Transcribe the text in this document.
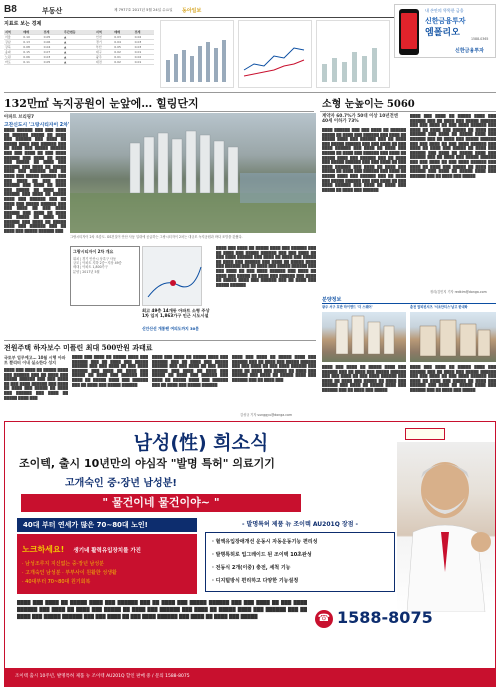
B8	부동산	제 7977호 2017년 5월 24일 수요일 동아일보	내 손안의 똑똑한 금융
신한금융투자
엠폴리오
1588-0365
신한금융투자
지표로 보는 경제
지역	매매	전세	주간변동	지역	매매	전세
서울	0.10	0.05	▲	인천	0.03	0.02
강남	0.13	0.06	▲	경기	0.04	0.03
강북	0.08	0.04	▲	부산	0.05	0.03
송파	0.15	0.07	▲	대구	0.02	0.01
노원	0.06	0.03	▲	광주	0.01	0.02
마포	0.11	0.05	▲	대전	0.02	0.01
132만㎡ 녹지공원이 눈앞에… 힐링단지	소형 눈높이는 5060
아파트 브리핑7
고잔신도시 '그랑시티자이 2차'
████ ██████ ███ ███ ████ ██ ██████ █████ ██ ████ ███ ██████ ███ ████ ██ █████ ████ ███ ██████ ███ ██ ████ ███ █████ ██████ ███ ███ ████ ██ ███ ████ ██████ ███ ████ ██ ████ ███ █████ ██ ████ ███ ██████ ███ ████ ██ █████ ████ ███ ██████ ███ ██ ████ ███ █████ ██████ ███ ███ ████ ██ ███ ████ ██████ ███ ████ ██ ████ ███ █████ ██ ████ ███ ██████ ███ ████ ██ █████ ████ ███ ██████ ███ ██ ████ ███ █████ ██████ ███ ███ ████ ██ ███ ████ ██████ ███ ████ ██ ████ ███ █████ ██ ████ ███ ██████ ███ ████ ██ █████ ████ ███ ██████ ███ ██ ████ ███ █████ ██████ ███
그랑시티자이 2차 조감도. GS건설이 안산 사동 일대에 공급하는 그랑시티자이 2차는 대규모 녹지공원과 바다 조망을 갖췄다.
그랑시티자이 2차 개요
위치 | 경기 안산시 상록구 사동
규모 | 아파트 지하 2층~지상 49층
세대 | 아파트 1,800가구
분양 | 2017년 5월
최고 49층 14개동 아파트 소형 주상 1차 입지 1,863가구 인근 시도시설
신안산선 개통땐 여의도까지 30분
████ ███ ████ ██ █████ ████ ███ ██████ ███ ██ ████ ███ █████ ██████ ███ ███ ████ ██ ███ ████ ██████ ███ ████ ██ ████ ███ █████ ██ ████ ███ ██████ ███ ████ ██ █████ ████ ███ ██████ ███ ██ ████ ███ █████ ██████ ███ ███ ████ ██ ███ ████ ██████ ███ ████ ██ ████ ███ █████ ██ ████ ███ ██████ ███ ████ ██ █████ ████ ███ ██████ ███ ██ ████ ███ █████ ██████
계약자 60.7%가 50대 이상 10년전엔 40세 이하가 73%
████ ██████ ███ ███ ████ ██ ██████ █████ ██ ████ ███ ██████ ███ ████ ██ █████ ████ ███ ██████ ███ ██ ████ ███ █████ ██████ ███ ███ ████ ██ ███ ████ ██████ ███ ████ ██ ████ ███ █████ ██ ████ ███ ██████ ███ ████ ██ █████ ████ ███ ██████ ███ ██ ████ ███ █████ ██████ ███ ███ ████ ██ ███ ████ ██████ ███ ████ ██ ████ ███ █████ ██ ████ ███ ██████ ███ ████ ██ █████ ████ ███ ██████ ███ ██ ████ ███ █████ ██████ ███ ███ ████ ██ ███ ████ ██████ ███ ████ ██ ████ ███ █████ ██ ████ ███ ██████
████ ███ ████ ██ █████ ████ ███ ██████ ███ ██ ████ ███ █████ ██████ ███ ███ ████ ██ ███ ████ ██████ ███ ████ ██ ████ ███ █████ ██ ████ ███ ██████ ███ ████ ██ █████ ████ ███ ██████ ███ ██ ████ ███ █████ ██████ ███ ███ ████ ██ ███ ████ ██████ ███ ████ ██ ████ ███ █████ ██ ████ ███ ██████ ███ ████ ██ █████ ████ ███ ██████ ███ ██ ████ ███ █████ ██████ ███ ███ ████ ██ ███ ████ ██████ ███ ████ ██ ████ ███ █████ ██ ████ ███ ██████ ███ ████ ██ █████ ████ ███ ██████ ███ ██ ████ ███ █████
정리/김민지 기자 redkim@donga.com
분양정보
광주 서구 호반 하이엔드 '더 스퀘어'	춘천 알파핀셔츠 '서초안티스'남고 한대학
████ ███ ████ ██ █████ ████ ███ ██████ ███ ██ ████ ███ █████ ██████ ███ ███ ████ ██ ███ ████ ██████ ███ ████ ██ ████ ███ █████ ██ ████ ███ ██████ ███ ████ ██ █████ ████ ███ ██████ ███ ██ ████ ███ █████
████ ███ ████ ██ █████ ████ ███ ██████ ███ ██ ████ ███ █████ ██████ ███ ███ ████ ██ ███ ████ ██████ ███ ████ ██ ████ ███ █████ ██ ████ ███ ██████ ███ ████ ██ █████ ████ ███ ██████ ███ ██ ████ ███ █████
전원주택 하자보수 미플린 최대 500만원 과태료
국토부 업무예고… 10월 시행 아파트 뿐리터 이내 실소한다 성지
████ ███ ████ ██ █████ ████ ███ ██████ ███ ██ ████ ███ █████ ██████ ███ ███ ████ ██ ███ ████ ██████ ███ ████ ██ ████ ███ █████ ██ ████ ███ ██████ ███ ████ ██ █████ ████ ███
████ ███ ████ ██ █████ ████ ███ ██████ ███ ██ ████ ███ █████ ██████ ███ ███ ████ ██ ███ ████ ██████ ███ ████ ██ ████ ███ █████ ██ ████ ███ ██████ ███ ████ ██ █████ ████ ███ ██████ ███ ██ ████ ███ █████ ██████
████ ███ ████ ██ █████ ████ ███ ██████ ███ ██ ████ ███ █████ ██████ ███ ███ ████ ██ ███ ████ ██████ ███ ████ ██ ████ ███ █████ ██ ████ ███ ██████ ███ ████ ██ █████ ████ ███ ██████ ███ ██ ████ ███ █████ ██████
████ ███ ████ ██ █████ ████ ███ ██████ ███ ██ ████ ███ █████ ██████ ███ ███ ████ ██ ███ ████ ██████ ███ ████ ██ ████ ███ █████ ██ ████ ███ ██████ ███ ████ ██ █████ ████ ███ ██████ ███ ██ ████ ███
김성규 기자 sunggyu@donga.com
남성(性) 희소식
조이텍, 출시 10년만의 야심작 "발명 특허" 의료기기
고개숙인 중·장년 남성분!
" 물건이네 물건이야~ "
40대 부터 연세가 많은 70~80대 노인!
노크하세요! 생기네 활력유입장치를 가진
· 남성조루지 지신없는 중·장년 남성분
· 고개숙인 남성분 · 부부사이 원활한 성생활
· 40대부터 70~80대 원기회복
- 발명특허 제품 뉴 조이텍 AU201Q 장점 -
· 혈액유입장애개선 운동시 자동운동기능 편리성
· 발명특허로 업그레이드 된 조이텍 10초완성
· 전동식 2개(이중) 충전, 세척 기능
· 디지털방식 편리하고 다양한 기능설정
████ ███ ████ ██ █████ ████ ███ ██████ ███ ██ ████ ███ █████ ██████ ███ ███ ████ ██ ███ ████ ██████ ███ ████ ██ ████ ███ █████ ██ ████ ███ ██████ ███ ████ ██ █████ ████ ███ ██████ ███ ██ ████ ███ █████ ██████ ███ ███ ████ ██ ███ ████ ██████ ███ ████ ██ ████ ███ █████	☎ 1588-8075
조이텍 출시 10주년, 발명특허 제품 뉴 조이텍 AU201Q 할인 판매 중 / 문의 1588-8075
